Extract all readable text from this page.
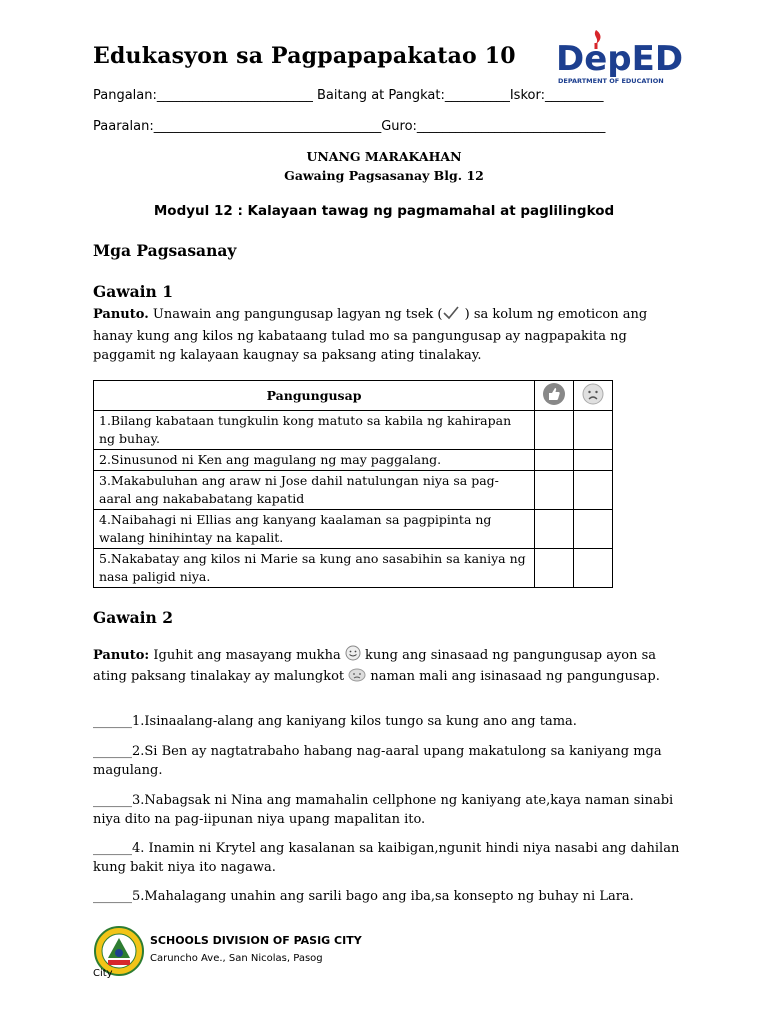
Edukasyon sa Pagpapapakatao 10 DepED
DEPARTMENT OF EDUCATION
Pangalan:________________________ Baitang at Pangkat:__________Iskor:_________
Paaralan:___________________________________Guro:_____________________________
UNANG MARAKAHAN
Gawaing Pagsasanay Blg. 12
Modyul 12 : Kalayaan tawag ng pagmamahal at paglilingkod
Mga Pagsasanay
Gawain 1
Panuto. Unawain ang pangungusap lagyan ng tsek ( ) sa kolum ng emoticon ang hanay kung ang kilos ng kabataang tulad mo sa pangungusap ay nagpapakita ng paggamit ng kalayaan kaugnay sa paksang ating tinalakay.
Pangungusap		
1.Bilang kabataan tungkulin kong matuto sa kabila ng kahirapan ng buhay.		
2.Sinusunod ni Ken ang magulang ng may paggalang.		
3.Makabuluhan ang araw ni Jose dahil natulungan niya sa pag-aaral ang nakababatang kapatid		
4.Naibahagi ni Ellias ang kanyang kaalaman sa pagpipinta ng walang hinihintay na kapalit.		
5.Nakabatay ang kilos ni Marie sa kung ano sasabihin sa kaniya ng nasa paligid niya.		
Gawain 2
Panuto: Iguhit ang masayang mukha  kung ang sinasaad ng pangungusap ayon sa ating paksang tinalakay ay malungkot  naman mali ang isinasaad ng pangungusap.
______1.Isinaalang-alang ang kaniyang kilos tungo sa kung ano ang tama.
______2.Si Ben ay nagtatrabaho habang nag-aaral upang makatulong sa kaniyang mga magulang.
______3.Nabagsak ni Nina ang mamahalin cellphone ng kaniyang ate,kaya naman sinabi niya dito na pag-iipunan niya upang mapalitan ito.
______4. Inamin ni Krytel ang kasalanan sa kaibigan,ngunit hindi niya nasabi ang dahilan kung bakit niya ito nagawa.
______5.Mahalagang unahin ang sarili bago ang iba,sa konsepto ng buhay ni Lara.
SCHOOLS DIVISION OF PASIG CITY
Caruncho Ave., San Nicolas, Pasog
City
